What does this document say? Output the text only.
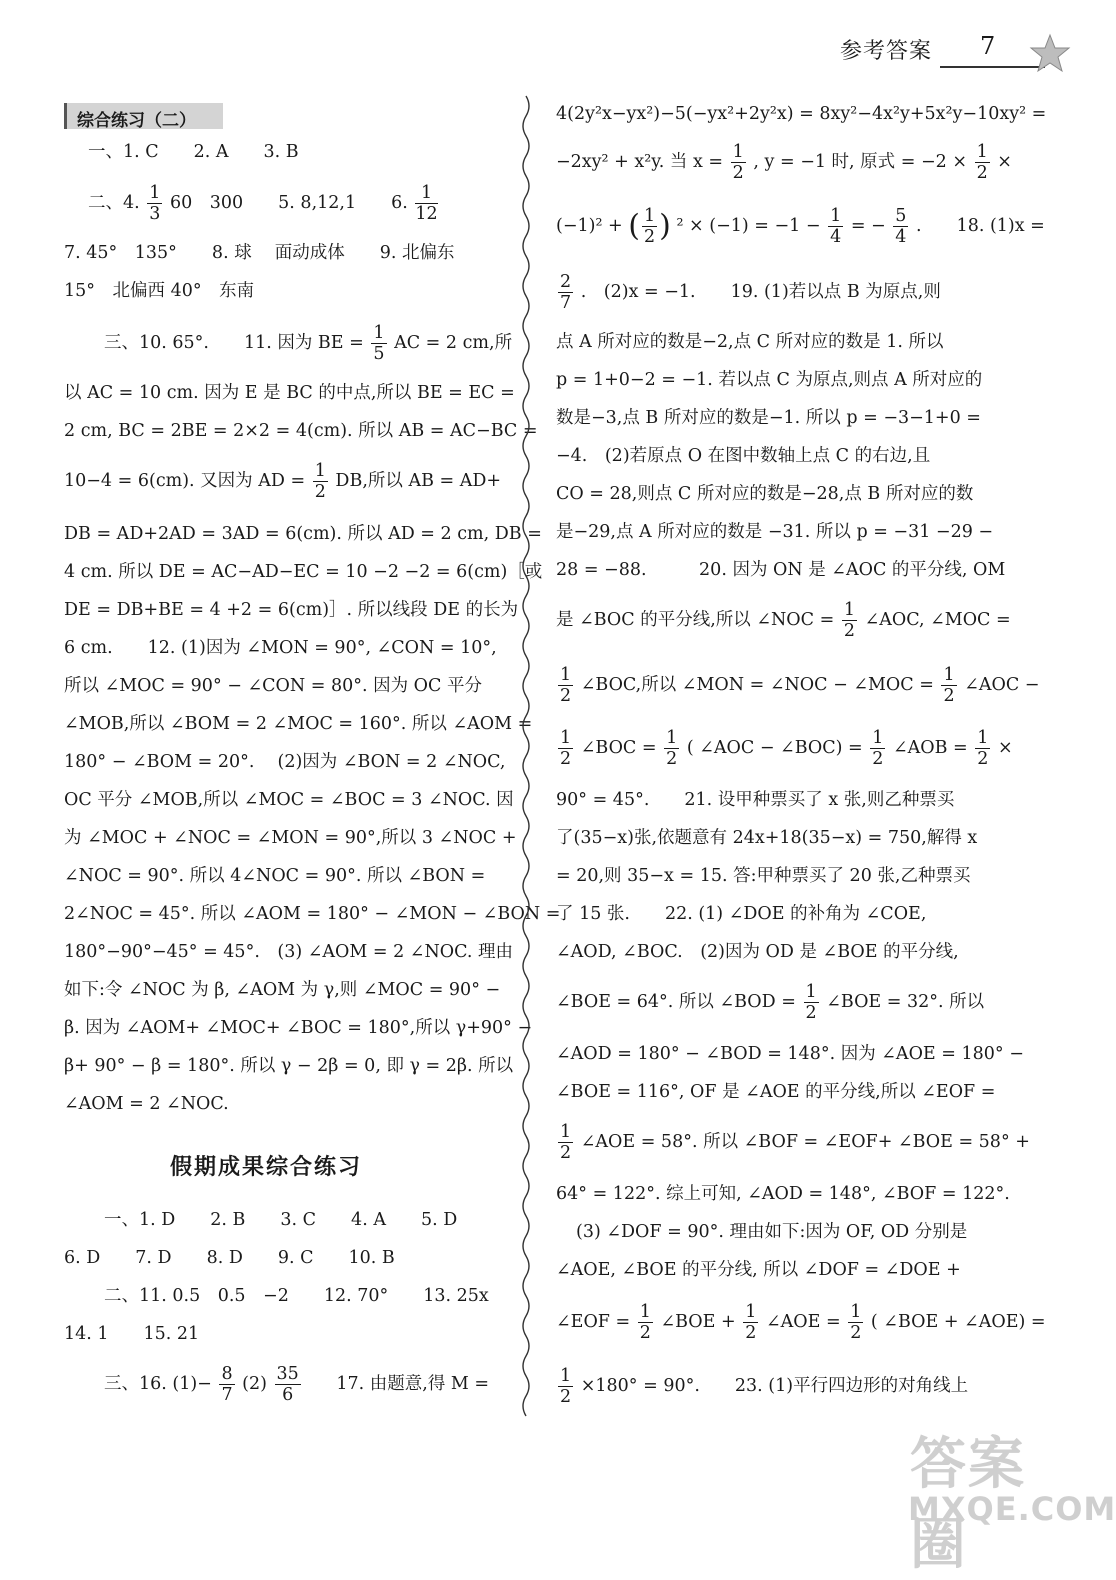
参考答案 7
综合练习（二）
一、1. C　　2. A　　3. B
二、4. $\frac{1}{3} 60$　300　　5. 8,12,1　　6. $\frac{1}{12}$
7. 45°　135°　　8. 球　 面动成体　　9. 北偏东
15°　北偏西 40°　东南
三、10. 65°.　　11. 因为 BE = $\frac{1}{5}$ AC = 2 cm,所
以 AC = 10 cm. 因为 E 是 BC 的中点,所以 BE = EC =
2 cm, BC = 2BE = 2×2 = 4(cm). 所以 AB = AC−BC =
10−4 = 6(cm). 又因为 AD = $\frac{1}{2}$ DB,所以 AB = AD+
DB = AD+2AD = 3AD = 6(cm). 所以 AD = 2 cm, DB =
4 cm. 所以 DE = AC−AD−EC = 10 −2 −2 = 6(cm)［或
DE = DB+BE = 4 +2 = 6(cm)］. 所以线段 DE 的长为
6 cm.　　12. (1)因为 ∠MON = 90°, ∠CON = 10°,
所以 ∠MOC = 90° − ∠CON = 80°. 因为 OC 平分
∠MOB,所以 ∠BOM = 2 ∠MOC = 160°. 所以 ∠AOM =
180° − ∠BOM = 20°.　 (2)因为 ∠BON = 2 ∠NOC,
OC 平分 ∠MOB,所以 ∠MOC = ∠BOC = 3 ∠NOC. 因
为 ∠MOC + ∠NOC = ∠MON = 90°,所以 3 ∠NOC +
∠NOC = 90°. 所以 4∠NOC = 90°. 所以 ∠BON =
2∠NOC = 45°. 所以 ∠AOM = 180° − ∠MON − ∠BON =
180°−90°−45° = 45°.　(3) ∠AOM = 2 ∠NOC. 理由
如下:令 ∠NOC 为 β, ∠AOM 为 γ,则 ∠MOC = 90° −
β. 因为 ∠AOM+ ∠MOC+ ∠BOC = 180°,所以 γ+90° −
β+ 90° − β = 180°. 所以 γ − 2β = 0, 即 γ = 2β. 所以
∠AOM = 2 ∠NOC.
一、1. D　　2. B　　3. C　　4. A　　5. D
6. D　　7. D　　8. D　　9. C　　10. B
二、11. 0.5　0.5　−2　　12. 70°　　13. 25x
14. 1　　15. 21
三、16. $(1)- \frac{8}{7} (2) \frac{35}{6} 17$. 由题意,得 M =
假期成果综合练习
4(2y²x−yx²)−5(−yx²+2y²x) = 8xy²−4x²y+5x²y−10xy² =
−2xy² + x²y. 当 $x = \frac{1}{2}$ , y = −1 时, 原式 = $-2 \times \frac{1}{2}$ ×
(−1)² + ( $\frac{1}{2}$ ) $^2 \times (-1) = -1 - \frac{1}{4}$ = − $\frac{5}{4}$ .　　18. (1)x =
$\frac{2}{7}$ .　(2)x = −1.　　19. (1)若以点 B 为原点,则
点 A 所对应的数是−2,点 C 所对应的数是 1. 所以
p = 1+0−2 = −1. 若以点 C 为原点,则点 A 所对应的
数是−3,点 B 所对应的数是−1. 所以 p = −3−1+0 =
−4.　(2)若原点 O 在图中数轴上点 C 的右边,且
CO = 28,则点 C 所对应的数是−28,点 B 所对应的数
是−29,点 A 所对应的数是 −31. 所以 p = −31 −29 −
28 = −88.　　　20. 因为 ON 是 ∠AOC 的平分线, OM
是 ∠BOC 的平分线,所以 ∠NOC = $\frac{1}{2}$ ∠AOC, ∠MOC =
$\frac{1}{2}$ ∠BOC,所以 ∠MON = ∠NOC − ∠MOC = $\frac{1}{2}$ ∠AOC −
$\frac{1}{2}$ ∠BOC = $\frac{1}{2}$ ( ∠AOC − ∠BOC) = $\frac{1}{2}$ ∠AOB = $\frac{1}{2}$ ×
90° = 45°.　　21. 设甲种票买了 x 张,则乙种票买
了(35−x)张,依题意有 24x+18(35−x) = 750,解得 x
= 20,则 35−x = 15. 答:甲种票买了 20 张,乙种票买
了 15 张.　　22. (1) ∠DOE 的补角为 ∠COE,
∠AOD, ∠BOC.　(2)因为 OD 是 ∠BOE 的平分线,
∠BOE = 64°. 所以 ∠BOD = $\frac{1}{2}$ ∠BOE = 32°. 所以
∠AOD = 180° − ∠BOD = 148°. 因为 ∠AOE = 180° −
∠BOE = 116°, OF 是 ∠AOE 的平分线,所以 ∠EOF =
$\frac{1}{2}$ ∠AOE = 58°. 所以 ∠BOF = ∠EOF+ ∠BOE = 58° +
64° = 122°. 综上可知, ∠AOD = 148°, ∠BOF = 122°.
(3) ∠DOF = 90°. 理由如下:因为 OF, OD 分别是
∠AOE, ∠BOE 的平分线, 所以 ∠DOF = ∠DOE +
∠EOF = $\frac{1}{2}$ ∠BOE + $\frac{1}{2}$ ∠AOE = $\frac{1}{2}$ ( ∠BOE + ∠AOE) =
$\frac{1}{2} \times 180^\circ = 90^\circ$.　　23. (1)平行四边形的对角线上
答案圈
MXQE.COM
